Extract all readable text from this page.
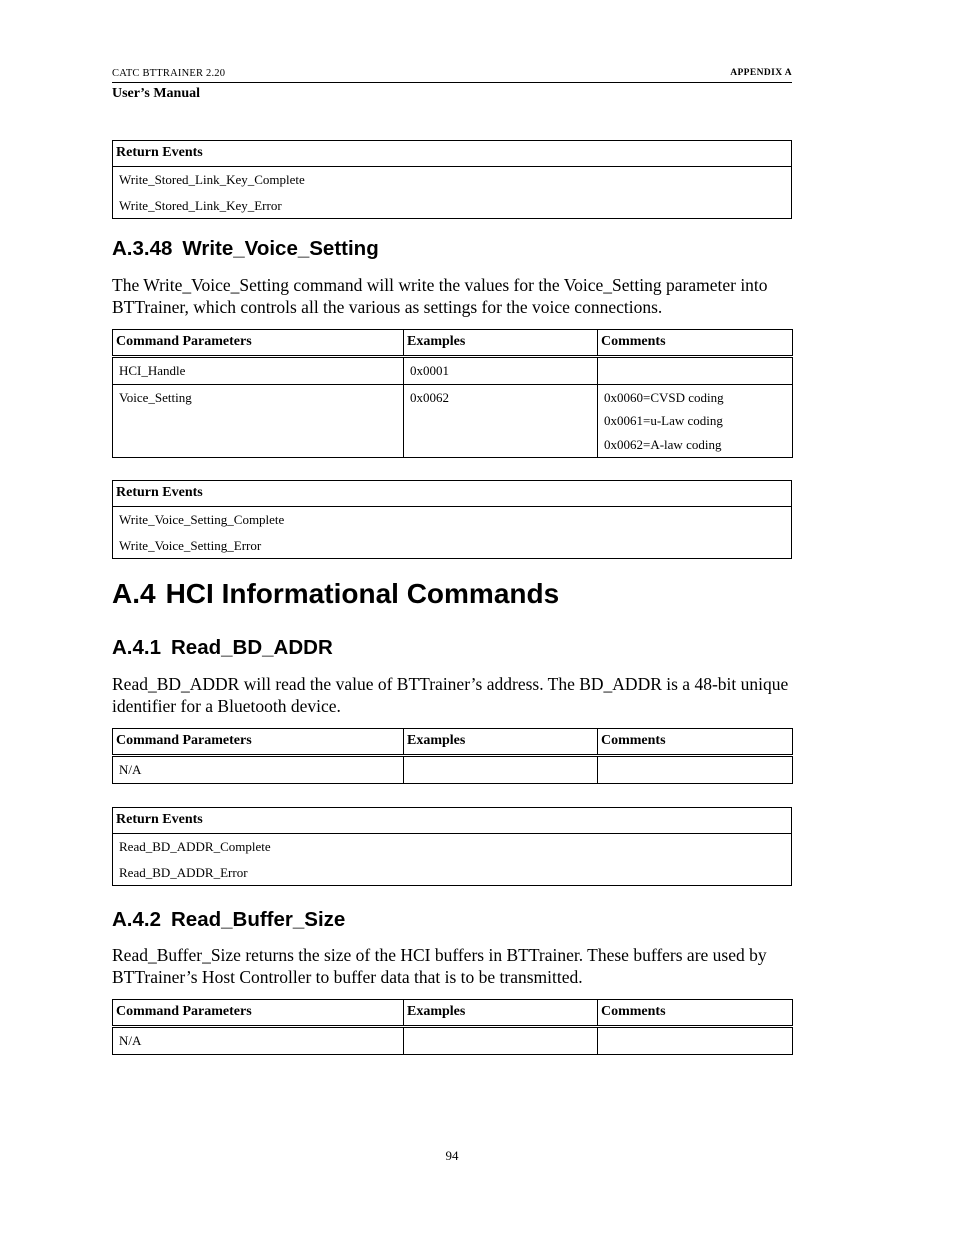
CATC BTTRAINER 2.20	APPENDIX A
User’s Manual
Return Events
Write_Stored_Link_Key_Complete
Write_Stored_Link_Key_Error
A.3.48 Write_Voice_Setting

The Write_Voice_Setting command will write the values for the Voice_Setting parameter into BTTrainer, which controls all the various as settings for the voice connections.

Command Parameters	Examples	Comments
HCI_Handle	0x0001	
Voice_Setting	0x0062	0x0060=CVSD coding
0x0061=u-Law coding
0x0062=A-law coding
Return Events
Write_Voice_Setting_Complete
Write_Voice_Setting_Error
A.4 HCI Informational Commands
A.4.1 Read_BD_ADDR

Read_BD_ADDR will read the value of BTTrainer’s address. The BD_ADDR is a 48-bit unique identifier for a Bluetooth device.

Command Parameters	Examples	Comments
N/A		
Return Events
Read_BD_ADDR_Complete
Read_BD_ADDR_Error
A.4.2 Read_Buffer_Size

Read_Buffer_Size returns the size of the HCI buffers in BTTrainer. These buffers are used by BTTrainer’s Host Controller to buffer data that is to be transmitted.

Command Parameters	Examples	Comments
N/A		
94
